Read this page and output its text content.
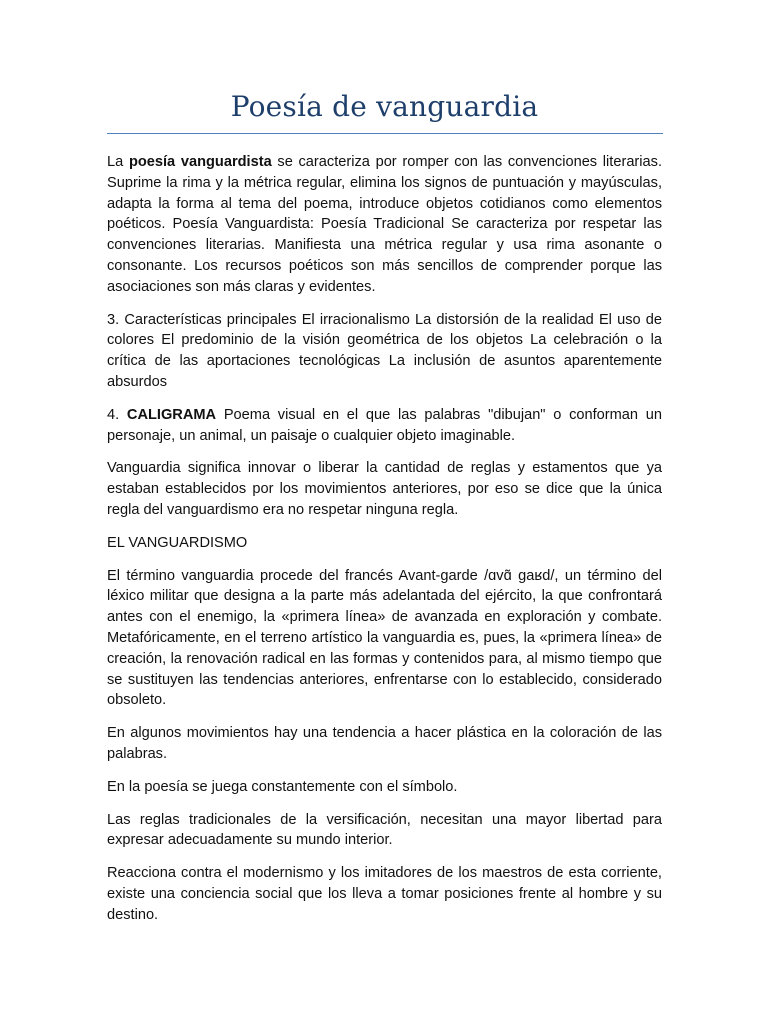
Poesía de vanguardia

La poesía vanguardista se caracteriza por romper con las convenciones literarias. Suprime la rima y la métrica regular, elimina los signos de puntuación y mayúsculas, adapta la forma al tema del poema, introduce objetos cotidianos como elementos poéticos. Poesía Vanguardista: Poesía Tradicional Se caracteriza por respetar las convenciones literarias. Manifiesta una métrica regular y usa rima asonante o consonante. Los recursos poéticos son más sencillos de comprender porque las asociaciones son más claras y evidentes.

3. Características principales El irracionalismo La distorsión de la realidad El uso de colores El predominio de la visión geométrica de los objetos La celebración o la crítica de las aportaciones tecnológicas La inclusión de asuntos aparentemente absurdos

4. CALIGRAMA Poema visual en el que las palabras "dibujan" o conforman un personaje, un animal, un paisaje o cualquier objeto imaginable.

Vanguardia significa innovar o liberar la cantidad de reglas y estamentos que ya estaban establecidos por los movimientos anteriores, por eso se dice que la única regla del vanguardismo era no respetar ninguna regla.

EL VANGUARDISMO

El término vanguardia procede del francés Avant-garde /ɑvɑ̃ ɡaʁd/, un término del léxico militar que designa a la parte más adelantada del ejército, la que confrontará antes con el enemigo, la «primera línea» de avanzada en exploración y combate. Metafóricamente, en el terreno artístico la vanguardia es, pues, la «primera línea» de creación, la renovación radical en las formas y contenidos para, al mismo tiempo que se sustituyen las tendencias anteriores, enfrentarse con lo establecido, considerado obsoleto.

En algunos movimientos hay una tendencia a hacer plástica en la coloración de las palabras.

En la poesía se juega constantemente con el símbolo.

Las reglas tradicionales de la versificación, necesitan una mayor libertad para expresar adecuadamente su mundo interior.

Reacciona contra el modernismo y los imitadores de los maestros de esta corriente, existe una conciencia social que los lleva a tomar posiciones frente al hombre y su destino.
